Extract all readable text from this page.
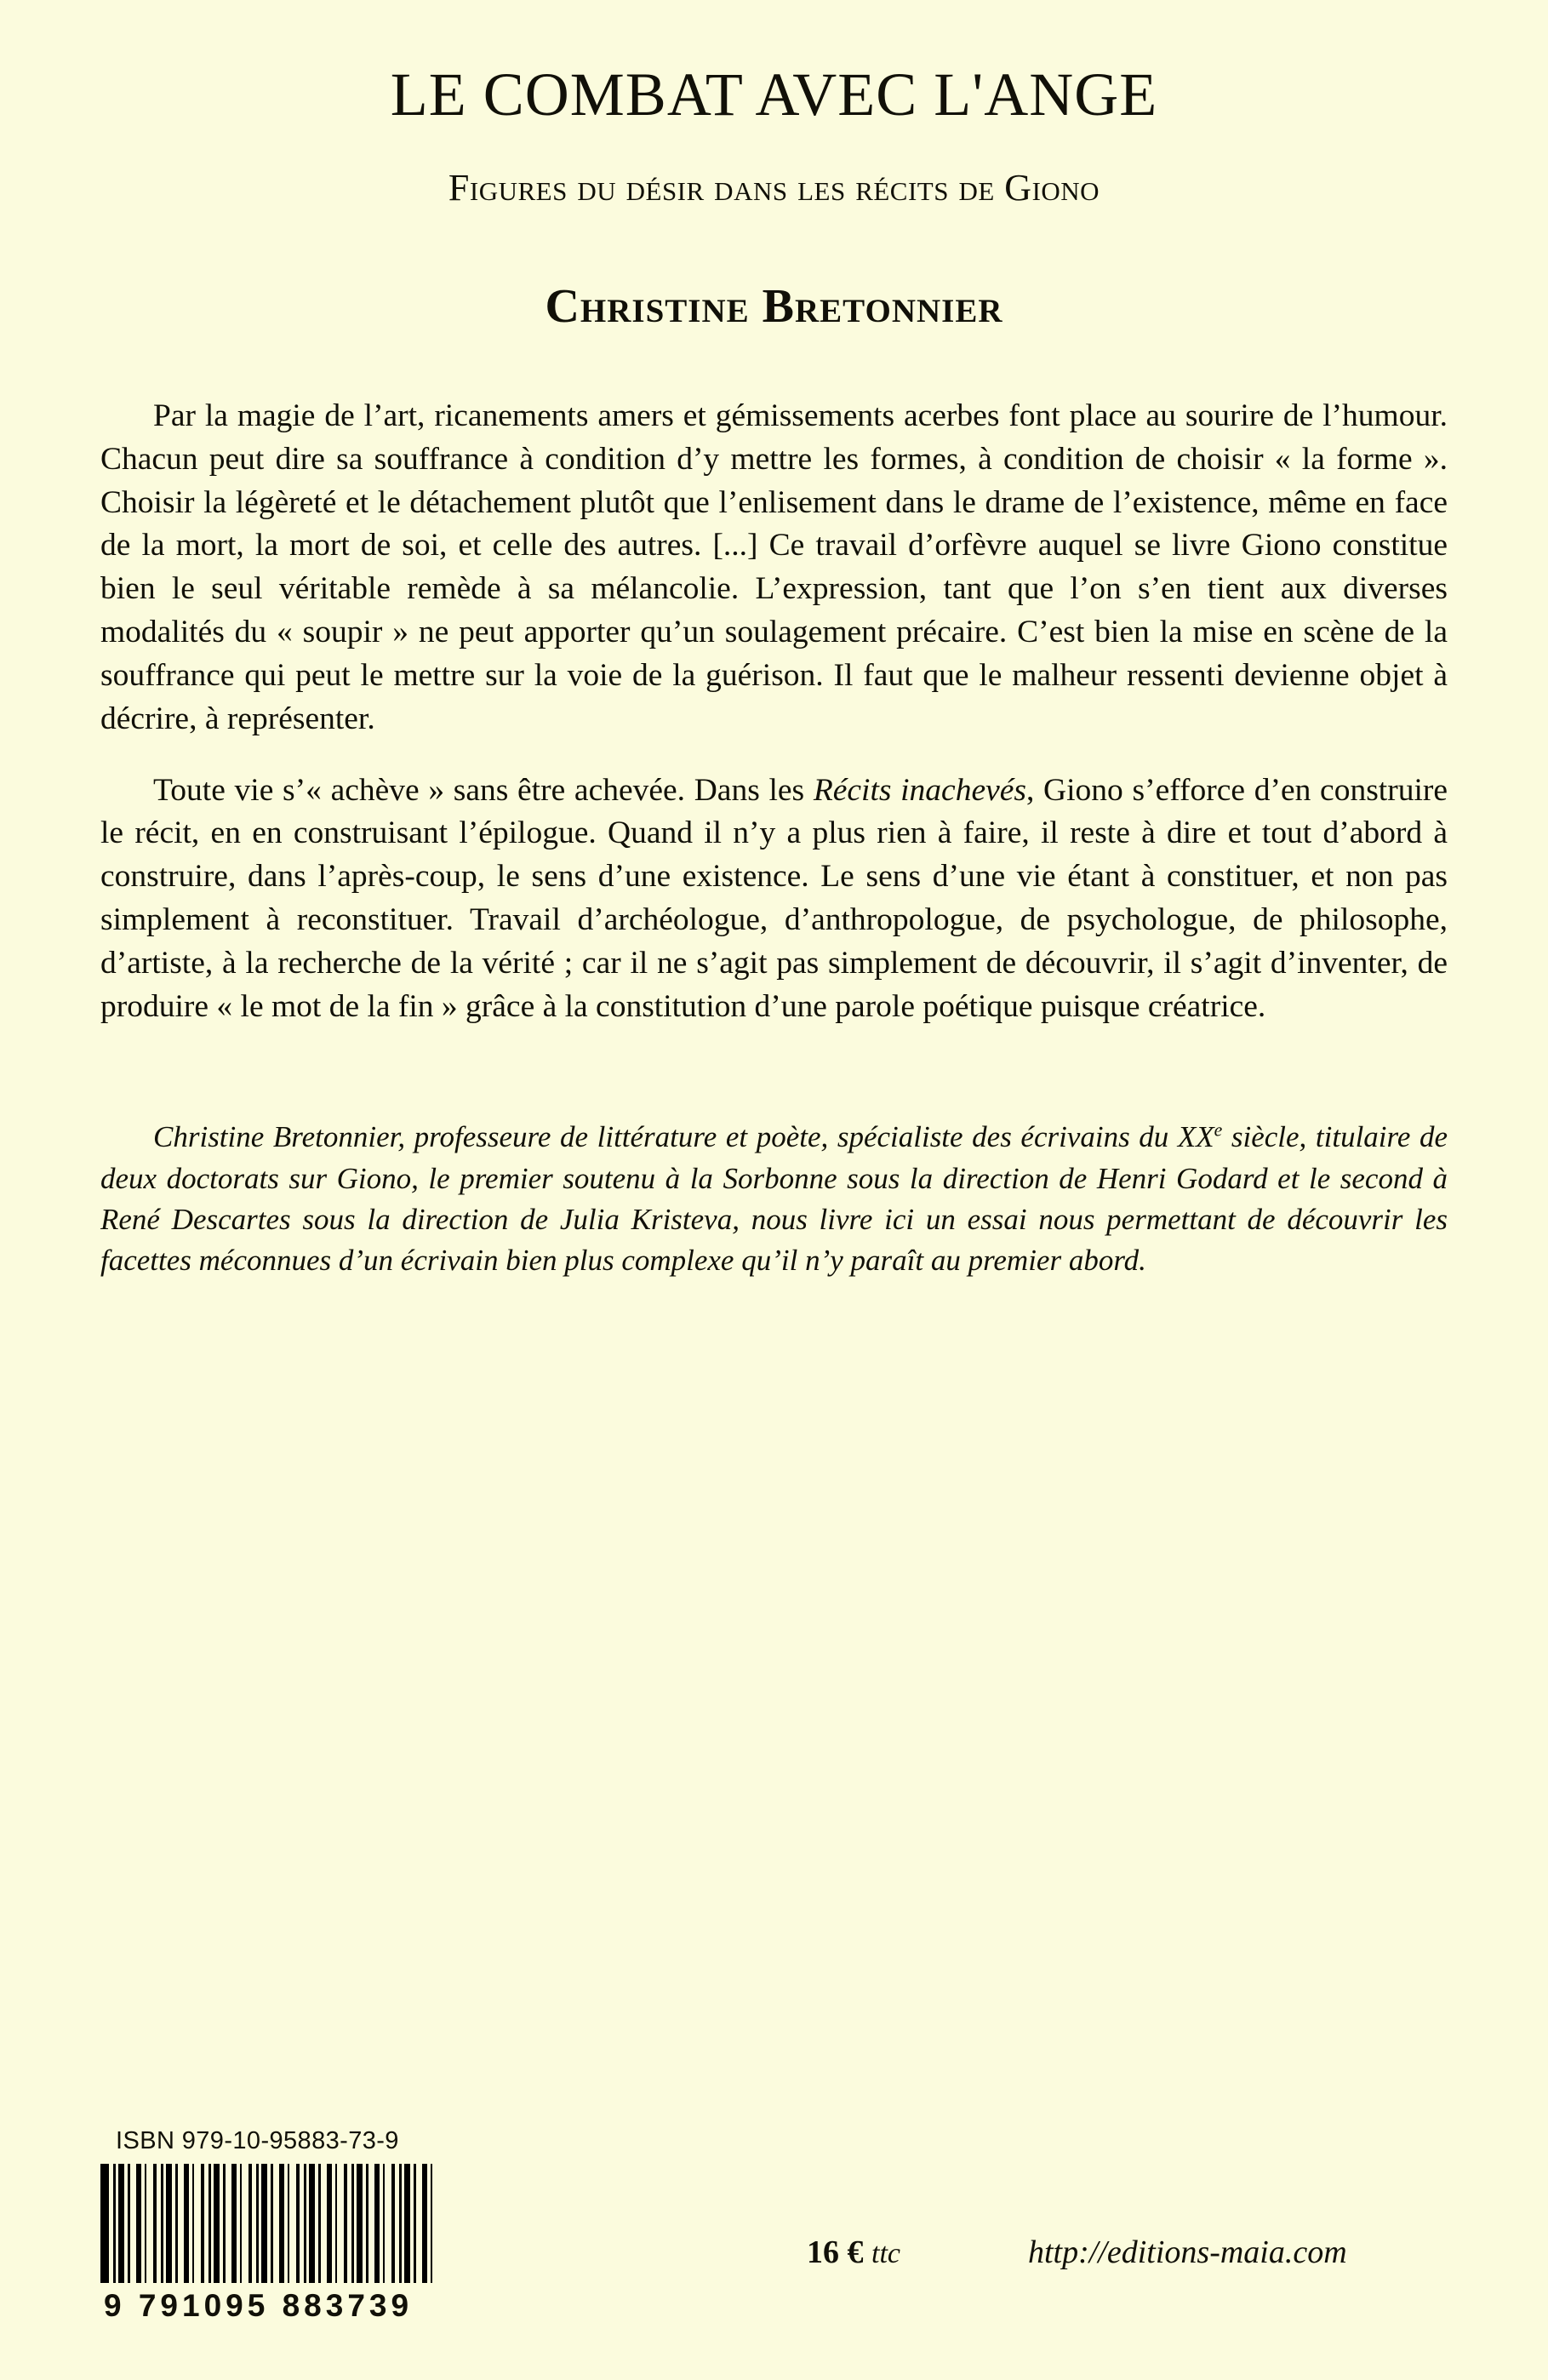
LE COMBAT AVEC L'ANGE
Figures du désir dans les récits de Giono
Christine Bretonnier

Par la magie de l’art, ricanements amers et gémissements acerbes font place au sourire de l’humour. Chacun peut dire sa souffrance à condition d’y mettre les formes, à condition de choisir « la forme ». Choisir la légèreté et le détachement plutôt que l’enlisement dans le drame de l’existence, même en face de la mort, la mort de soi, et celle des autres. [...] Ce travail d’orfèvre auquel se livre Giono constitue bien le seul véritable remède à sa mélancolie. L’expression, tant que l’on s’en tient aux diverses modalités du « soupir » ne peut apporter qu’un soulagement précaire. C’est bien la mise en scène de la souffrance qui peut le mettre sur la voie de la guérison. Il faut que le malheur ressenti devienne objet à décrire, à représenter.

Toute vie s’« achève » sans être achevée. Dans les Récits inachevés, Giono s’efforce d’en construire le récit, en en construisant l’épilogue. Quand il n’y a plus rien à faire, il reste à dire et tout d’abord à construire, dans l’après-coup, le sens d’une existence. Le sens d’une vie étant à constituer, et non pas simplement à reconstituer. Travail d’archéologue, d’anthropologue, de psychologue, de philosophe, d’artiste, à la recherche de la vérité ; car il ne s’agit pas simplement de découvrir, il s’agit d’inventer, de produire « le mot de la fin » grâce à la constitution d’une parole poétique puisque créatrice.

Christine Bretonnier, professeure de littérature et poète, spécialiste des écrivains du XXe siècle, titulaire de deux doctorats sur Giono, le premier soutenu à la Sorbonne sous la direction de Henri Godard et le second à René Descartes sous la direction de Julia Kristeva, nous livre ici un essai nous permettant de découvrir les facettes méconnues d’un écrivain bien plus complexe qu’il n’y paraît au premier abord.

ISBN 979-10-95883-73-9
9 791095 883739
16 € ttc	http://editions-maia.com
